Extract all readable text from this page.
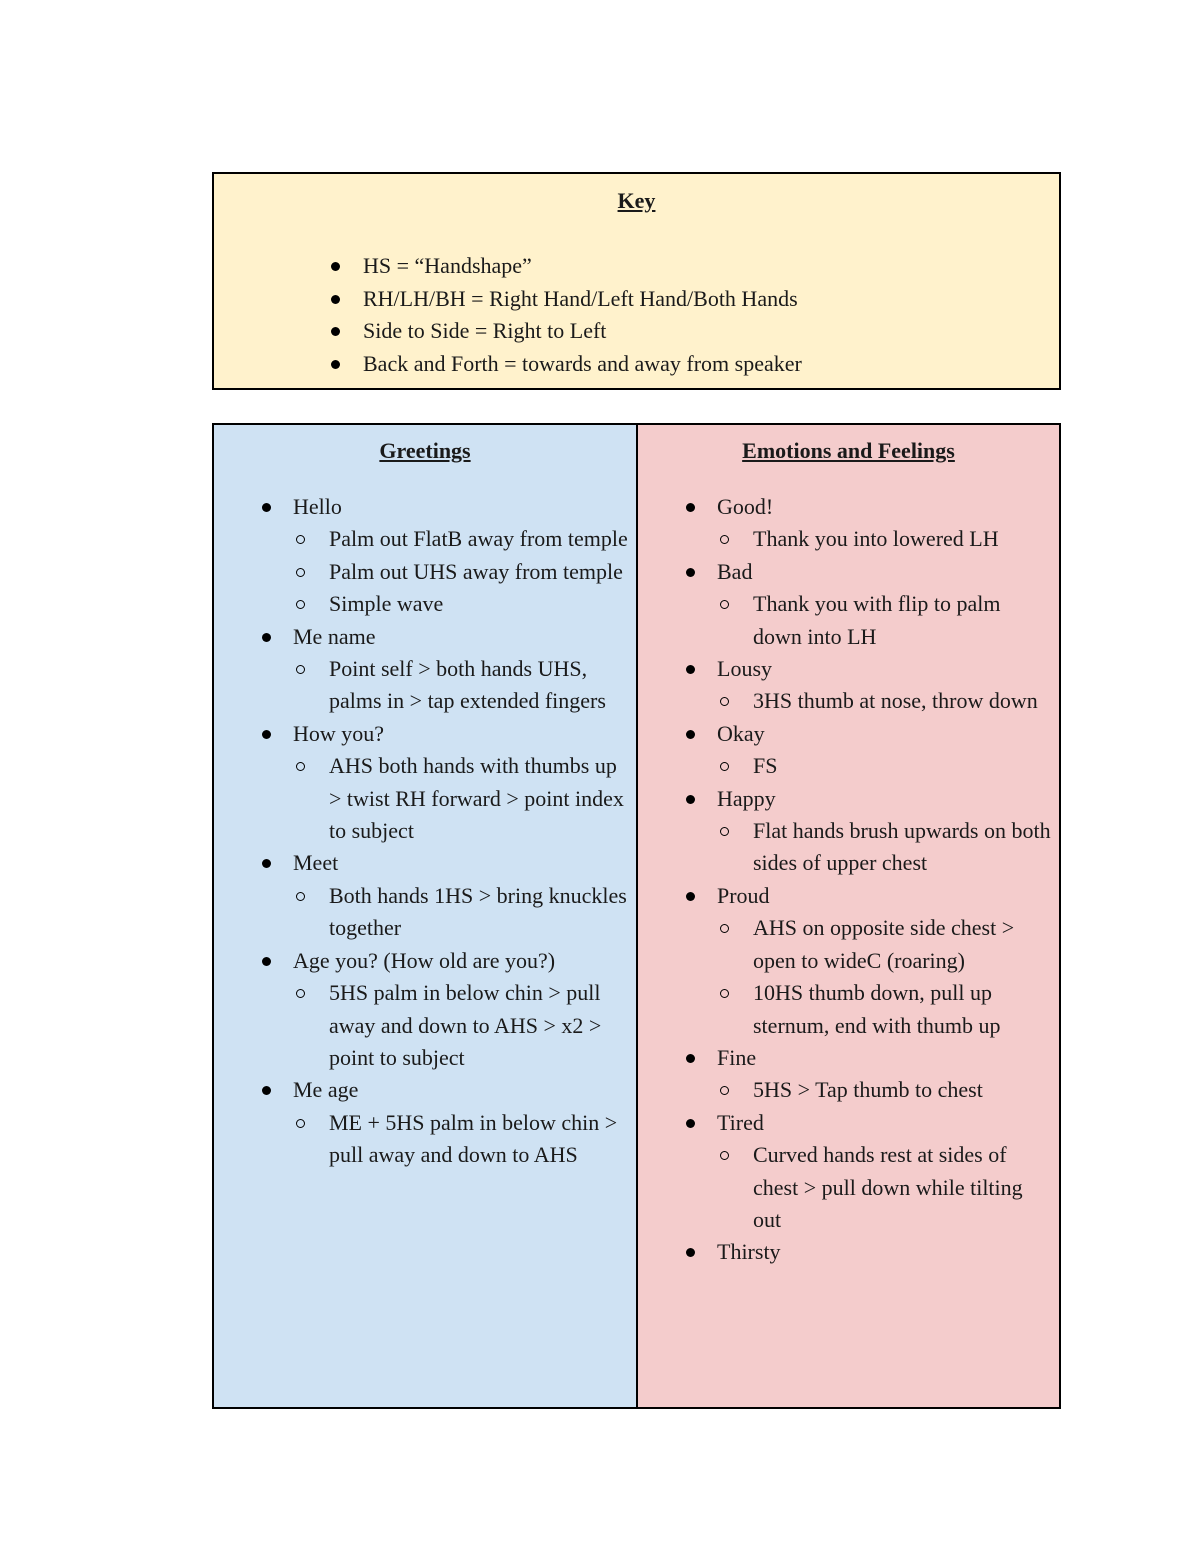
Key
HS = “Handshape”
RH/LH/BH = Right Hand/Left Hand/Both Hands
Side to Side = Right to Left
Back and Forth = towards and away from speaker
Greetings
Hello
Palm out FlatB away from temple
Palm out UHS away from temple
Simple wave
Me name
Point self > both hands UHS, palms in > tap extended fingers
How you?
AHS both hands with thumbs up > twist RH forward > point index to subject
Meet
Both hands 1HS > bring knuckles together
Age you? (How old are you?)
5HS palm in below chin > pull away and down to AHS > x2 > point to subject
Me age
ME + 5HS palm in below chin > pull away and down to AHS
Emotions and Feelings
Good!
Thank you into lowered LH
Bad
Thank you with flip to palm down into LH
Lousy
3HS thumb at nose, throw down
Okay
FS
Happy
Flat hands brush upwards on both sides of upper chest
Proud
AHS on opposite side chest > open to wideC (roaring)
10HS thumb down, pull up sternum, end with thumb up
Fine
5HS > Tap thumb to chest
Tired
Curved hands rest at sides of chest > pull down while tilting out
Thirsty
